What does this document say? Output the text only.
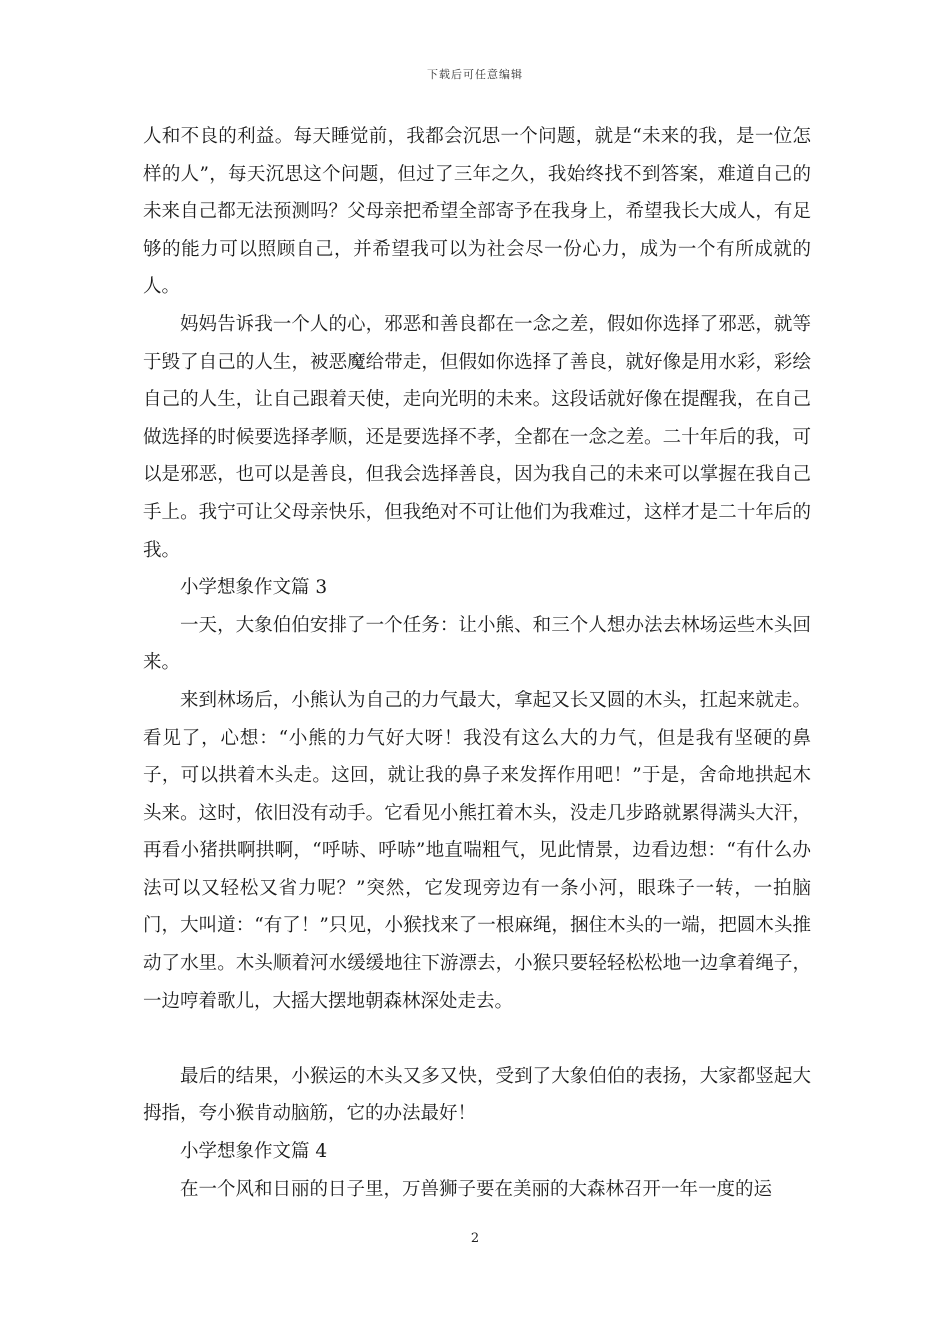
下载后可任意编辑

人和不良的利益。每天睡觉前，我都会沉思一个问题，就是“未来的我，是一位怎样的人”，每天沉思这个问题，但过了三年之久，我始终找不到答案，难道自己的未来自己都无法预测吗？父母亲把希望全部寄予在我身上，希望我长大成人，有足够的能力可以照顾自己，并希望我可以为社会尽一份心力，成为一个有所成就的人。

妈妈告诉我一个人的心，邪恶和善良都在一念之差，假如你选择了邪恶，就等于毁了自己的人生，被恶魔给带走，但假如你选择了善良，就好像是用水彩，彩绘自己的人生，让自己跟着天使，走向光明的未来。这段话就好像在提醒我，在自己做选择的时候要选择孝顺，还是要选择不孝，全都在一念之差。二十年后的我，可以是邪恶，也可以是善良，但我会选择善良，因为我自己的未来可以掌握在我自己手上。我宁可让父母亲快乐，但我绝对不可让他们为我难过，这样才是二十年后的我。

小学想象作文篇 3

一天，大象伯伯安排了一个任务：让小熊、和三个人想办法去林场运些木头回来。

来到林场后，小熊认为自己的力气最大，拿起又长又圆的木头，扛起来就走。看见了，心想：“小熊的力气好大呀！我没有这么大的力气，但是我有坚硬的鼻子，可以拱着木头走。这回，就让我的鼻子来发挥作用吧！”于是，舍命地拱起木头来。这时，依旧没有动手。它看见小熊扛着木头，没走几步路就累得满头大汗，再看小猪拱啊拱啊，“呼哧、呼哧”地直喘粗气，见此情景，边看边想：“有什么办法可以又轻松又省力呢？”突然，它发现旁边有一条小河，眼珠子一转，一拍脑门，大叫道：“有了！”只见，小猴找来了一根麻绳，捆住木头的一端，把圆木头推动了水里。木头顺着河水缓缓地往下游漂去，小猴只要轻轻松松地一边拿着绳子，一边哼着歌儿，大摇大摆地朝森林深处走去。

最后的结果，小猴运的木头又多又快，受到了大象伯伯的表扬，大家都竖起大拇指，夸小猴肯动脑筋，它的办法最好！

小学想象作文篇 4

在一个风和日丽的日子里，万兽狮子要在美丽的大森林召开一年一度的运

2
